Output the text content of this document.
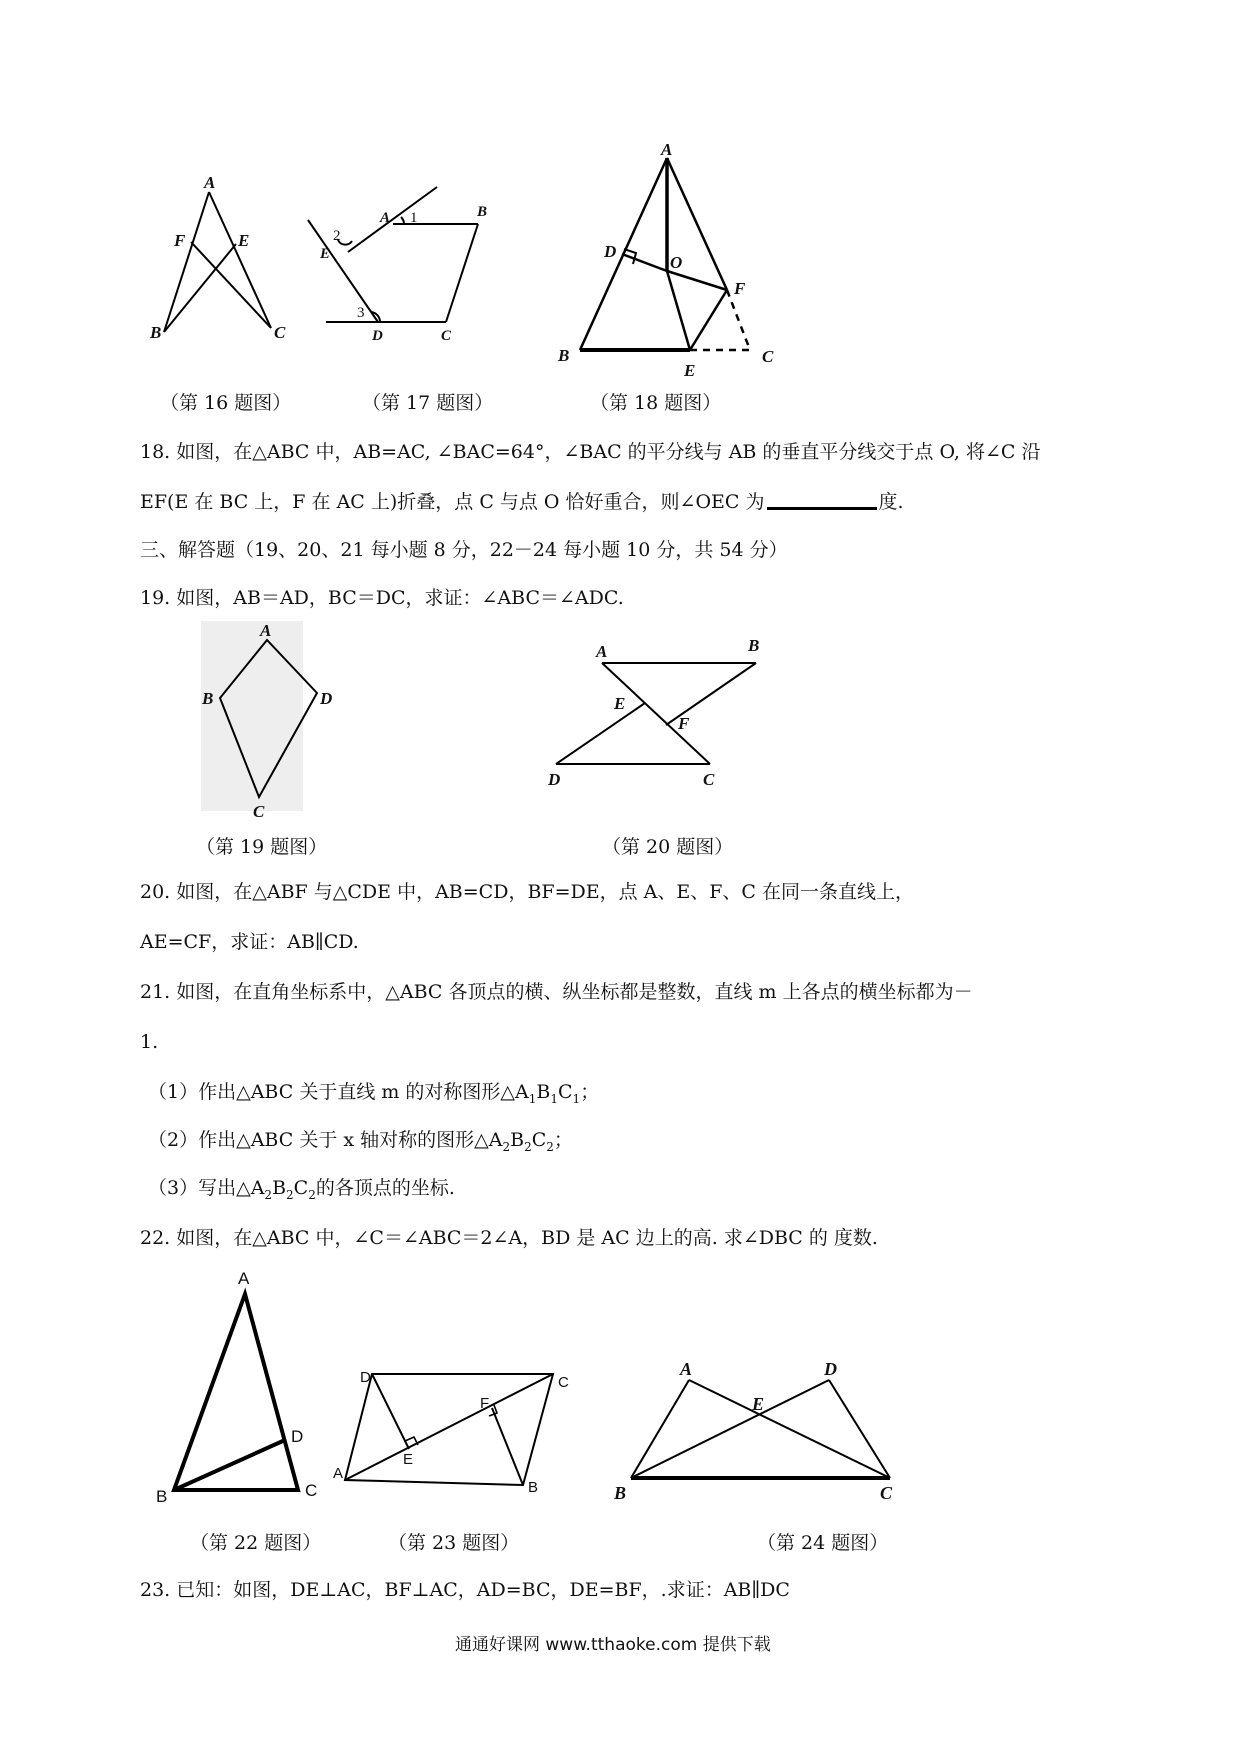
A
B	C
F	E
A	B
C
D
E
1
2
3
A
B	C
D
E
F
O
（第 16 题图）	（第 17 题图）	（第 18 题图）
18. 如图，在△ABC 中，AB=AC, ∠BAC=64°，∠BAC 的平分线与 AB 的垂直平分线交于点 O, 将∠C 沿
EF(E 在 BC 上，F 在 AC 上)折叠，点 C 与点 O 恰好重合，则∠OEC 为	度.
三、解答题（19、20、21 每小题 8 分，22－24 每小题 10 分，共 54 分）
19. 如图，AB＝AD，BC＝DC，求证：∠ABC＝∠ADC.
A
B
C
D
A	B
C
D
E
F
（第 19 题图）	（第 20 题图）
20. 如图，在△ABF 与△CDE 中，AB=CD，BF=DE，点 A、E、F、C 在同一条直线上，
AE=CF，求证：AB∥CD.
21. 如图，在直角坐标系中，△ABC 各顶点的横、纵坐标都是整数，直线 m 上各点的横坐标都为－
1.
（1）作出△ABC 关于直线 m 的对称图形$\triangle A_1B_1C_1$；
（2）作出△ABC 关于 x 轴对称的图形$\triangle A_2B_2C_2$；
（3）写出$\triangle A_2B_2C_2$的各顶点的坐标.
22. 如图，在△ABC 中，∠C＝∠ABC＝2∠A，BD 是 AC 边上的高. 求∠DBC 的 度数.
A
B	C
D
D	C
A
B
E
F
A	D
E
B	C
（第 22 题图）	（第 23 题图）	（第 24 题图）
23. 已知：如图，DE⊥AC，BF⊥AC，AD=BC，DE=BF，.求证：AB∥DC
通通好课网 www.tthaoke.com 提供下载
